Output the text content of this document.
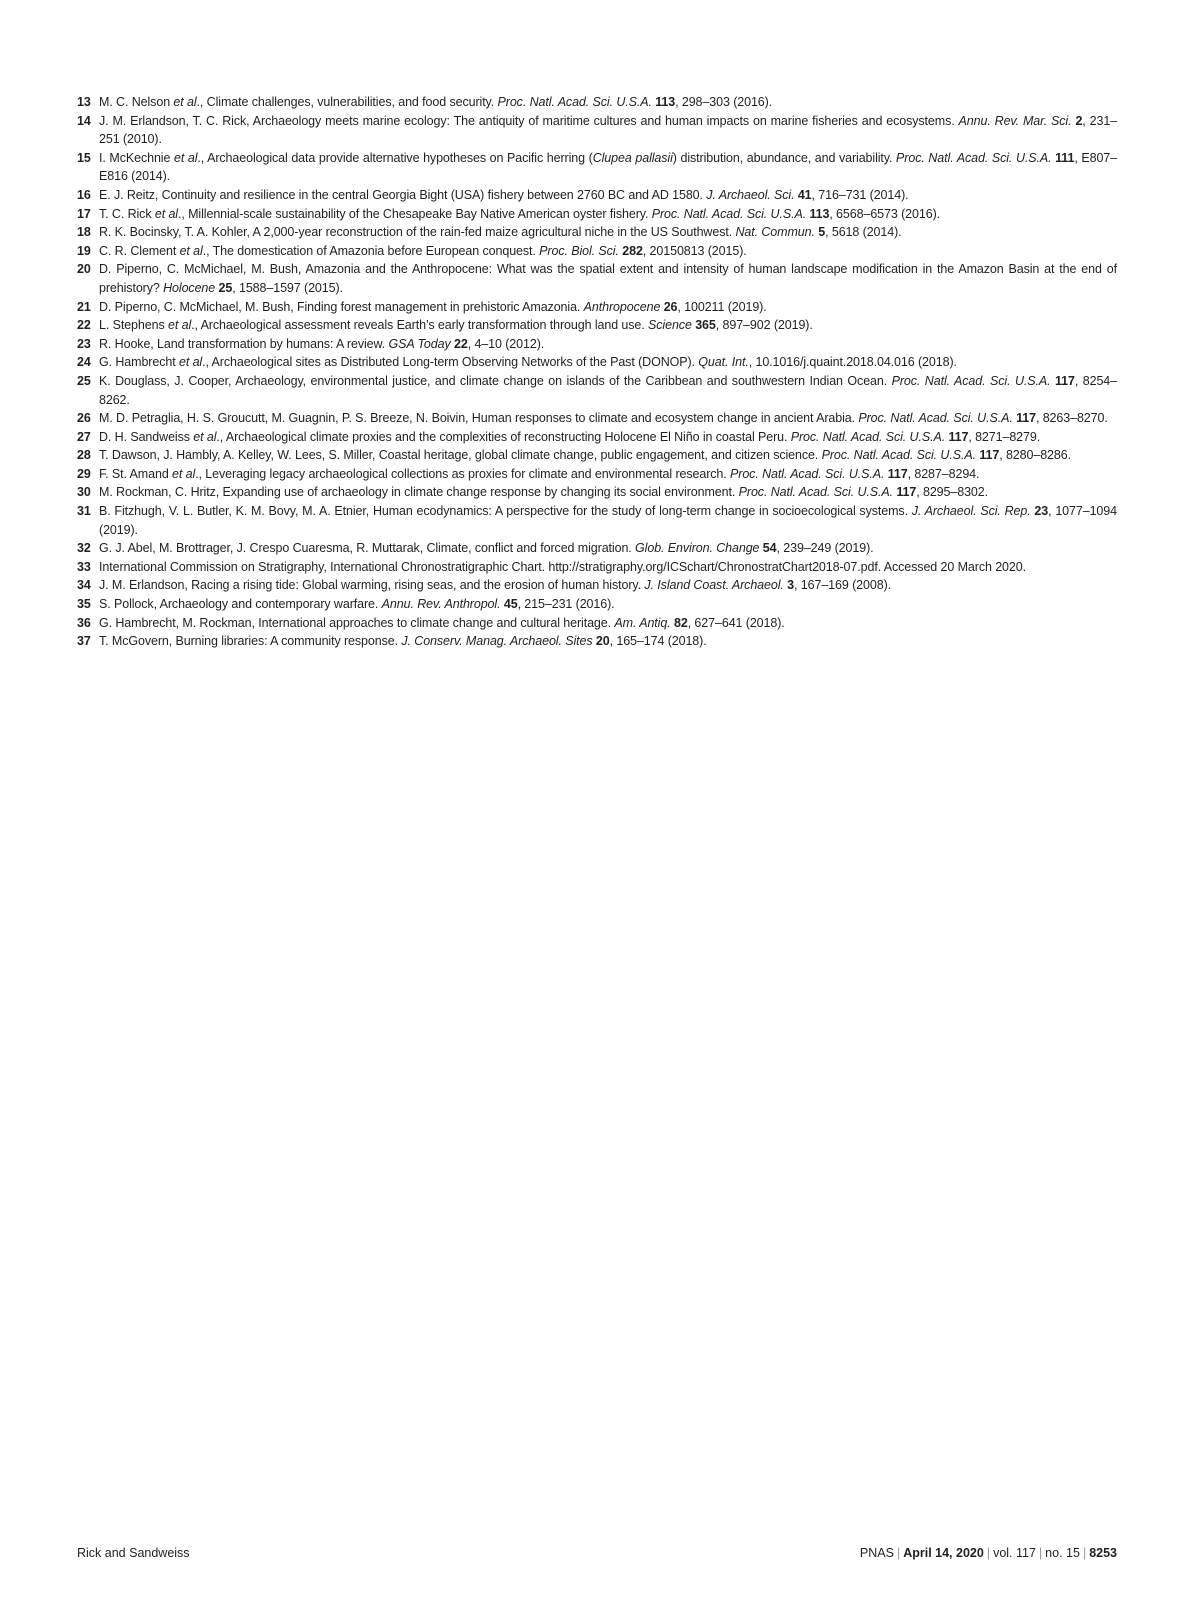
13 M. C. Nelson et al., Climate challenges, vulnerabilities, and food security. Proc. Natl. Acad. Sci. U.S.A. 113, 298–303 (2016).
14 J. M. Erlandson, T. C. Rick, Archaeology meets marine ecology: The antiquity of maritime cultures and human impacts on marine fisheries and ecosystems. Annu. Rev. Mar. Sci. 2, 231–251 (2010).
15 I. McKechnie et al., Archaeological data provide alternative hypotheses on Pacific herring (Clupea pallasii) distribution, abundance, and variability. Proc. Natl. Acad. Sci. U.S.A. 111, E807–E816 (2014).
16 E. J. Reitz, Continuity and resilience in the central Georgia Bight (USA) fishery between 2760 BC and AD 1580. J. Archaeol. Sci. 41, 716–731 (2014).
17 T. C. Rick et al., Millennial-scale sustainability of the Chesapeake Bay Native American oyster fishery. Proc. Natl. Acad. Sci. U.S.A. 113, 6568–6573 (2016).
18 R. K. Bocinsky, T. A. Kohler, A 2,000-year reconstruction of the rain-fed maize agricultural niche in the US Southwest. Nat. Commun. 5, 5618 (2014).
19 C. R. Clement et al., The domestication of Amazonia before European conquest. Proc. Biol. Sci. 282, 20150813 (2015).
20 D. Piperno, C. McMichael, M. Bush, Amazonia and the Anthropocene: What was the spatial extent and intensity of human landscape modification in the Amazon Basin at the end of prehistory? Holocene 25, 1588–1597 (2015).
21 D. Piperno, C. McMichael, M. Bush, Finding forest management in prehistoric Amazonia. Anthropocene 26, 100211 (2019).
22 L. Stephens et al., Archaeological assessment reveals Earth’s early transformation through land use. Science 365, 897–902 (2019).
23 R. Hooke, Land transformation by humans: A review. GSA Today 22, 4–10 (2012).
24 G. Hambrecht et al., Archaeological sites as Distributed Long-term Observing Networks of the Past (DONOP). Quat. Int., 10.1016/j.quaint.2018.04.016 (2018).
25 K. Douglass, J. Cooper, Archaeology, environmental justice, and climate change on islands of the Caribbean and southwestern Indian Ocean. Proc. Natl. Acad. Sci. U.S.A. 117, 8254–8262.
26 M. D. Petraglia, H. S. Groucutt, M. Guagnin, P. S. Breeze, N. Boivin, Human responses to climate and ecosystem change in ancient Arabia. Proc. Natl. Acad. Sci. U.S.A. 117, 8263–8270.
27 D. H. Sandweiss et al., Archaeological climate proxies and the complexities of reconstructing Holocene El Niño in coastal Peru. Proc. Natl. Acad. Sci. U.S.A. 117, 8271–8279.
28 T. Dawson, J. Hambly, A. Kelley, W. Lees, S. Miller, Coastal heritage, global climate change, public engagement, and citizen science. Proc. Natl. Acad. Sci. U.S.A. 117, 8280–8286.
29 F. St. Amand et al., Leveraging legacy archaeological collections as proxies for climate and environmental research. Proc. Natl. Acad. Sci. U.S.A. 117, 8287–8294.
30 M. Rockman, C. Hritz, Expanding use of archaeology in climate change response by changing its social environment. Proc. Natl. Acad. Sci. U.S.A. 117, 8295–8302.
31 B. Fitzhugh, V. L. Butler, K. M. Bovy, M. A. Etnier, Human ecodynamics: A perspective for the study of long-term change in socioecological systems. J. Archaeol. Sci. Rep. 23, 1077–1094 (2019).
32 G. J. Abel, M. Brottrager, J. Crespo Cuaresma, R. Muttarak, Climate, conflict and forced migration. Glob. Environ. Change 54, 239–249 (2019).
33 International Commission on Stratigraphy, International Chronostratigraphic Chart. http://stratigraphy.org/ICSchart/ChronostratChart2018-07.pdf. Accessed 20 March 2020.
34 J. M. Erlandson, Racing a rising tide: Global warming, rising seas, and the erosion of human history. J. Island Coast. Archaeol. 3, 167–169 (2008).
35 S. Pollock, Archaeology and contemporary warfare. Annu. Rev. Anthropol. 45, 215–231 (2016).
36 G. Hambrecht, M. Rockman, International approaches to climate change and cultural heritage. Am. Antiq. 82, 627–641 (2018).
37 T. McGovern, Burning libraries: A community response. J. Conserv. Manag. Archaeol. Sites 20, 165–174 (2018).
Rick and Sandweiss	PNAS | April 14, 2020 | vol. 117 | no. 15 | 8253
